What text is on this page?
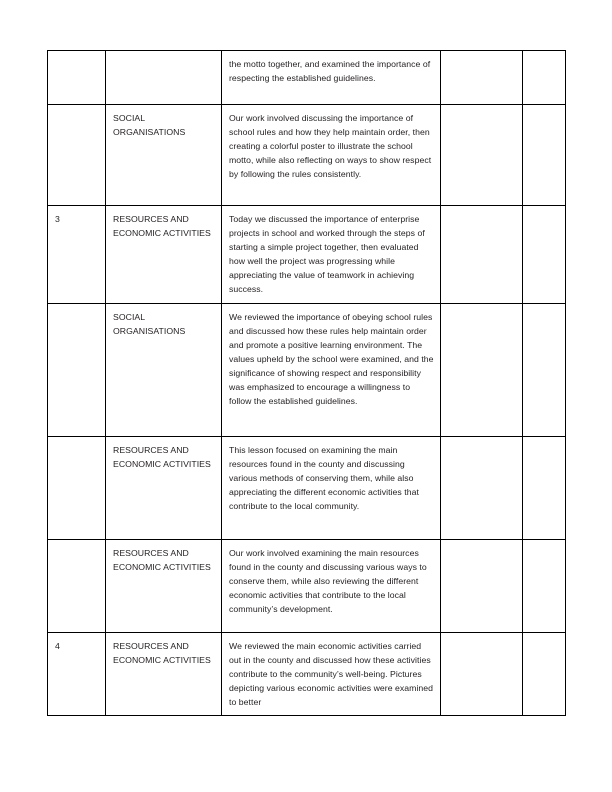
		the motto together, and examined the importance of respecting the established guidelines.		
	SOCIAL ORGANISATIONS	Our work involved discussing the importance of school rules and how they help maintain order, then creating a colorful poster to illustrate the school motto, while also reflecting on ways to show respect by following the rules consistently.		
3	RESOURCES AND ECONOMIC ACTIVITIES	Today we discussed the importance of enterprise projects in school and worked through the steps of starting a simple project together, then evaluated how well the project was progressing while appreciating the value of teamwork in achieving success.		
	SOCIAL ORGANISATIONS	We reviewed the importance of obeying school rules and discussed how these rules help maintain order and promote a positive learning environment. The values upheld by the school were examined, and the significance of showing respect and responsibility was emphasized to encourage a willingness to follow the established guidelines.		
	RESOURCES AND ECONOMIC ACTIVITIES	This lesson focused on examining the main resources found in the county and discussing various methods of conserving them, while also appreciating the different economic activities that contribute to the local community.		
	RESOURCES AND ECONOMIC ACTIVITIES	Our work involved examining the main resources found in the county and discussing various ways to conserve them, while also reviewing the different economic activities that contribute to the local community’s development.		
4	RESOURCES AND ECONOMIC ACTIVITIES	We reviewed the main economic activities carried out in the county and discussed how these activities contribute to the community’s well-being. Pictures depicting various economic activities were examined to better		
